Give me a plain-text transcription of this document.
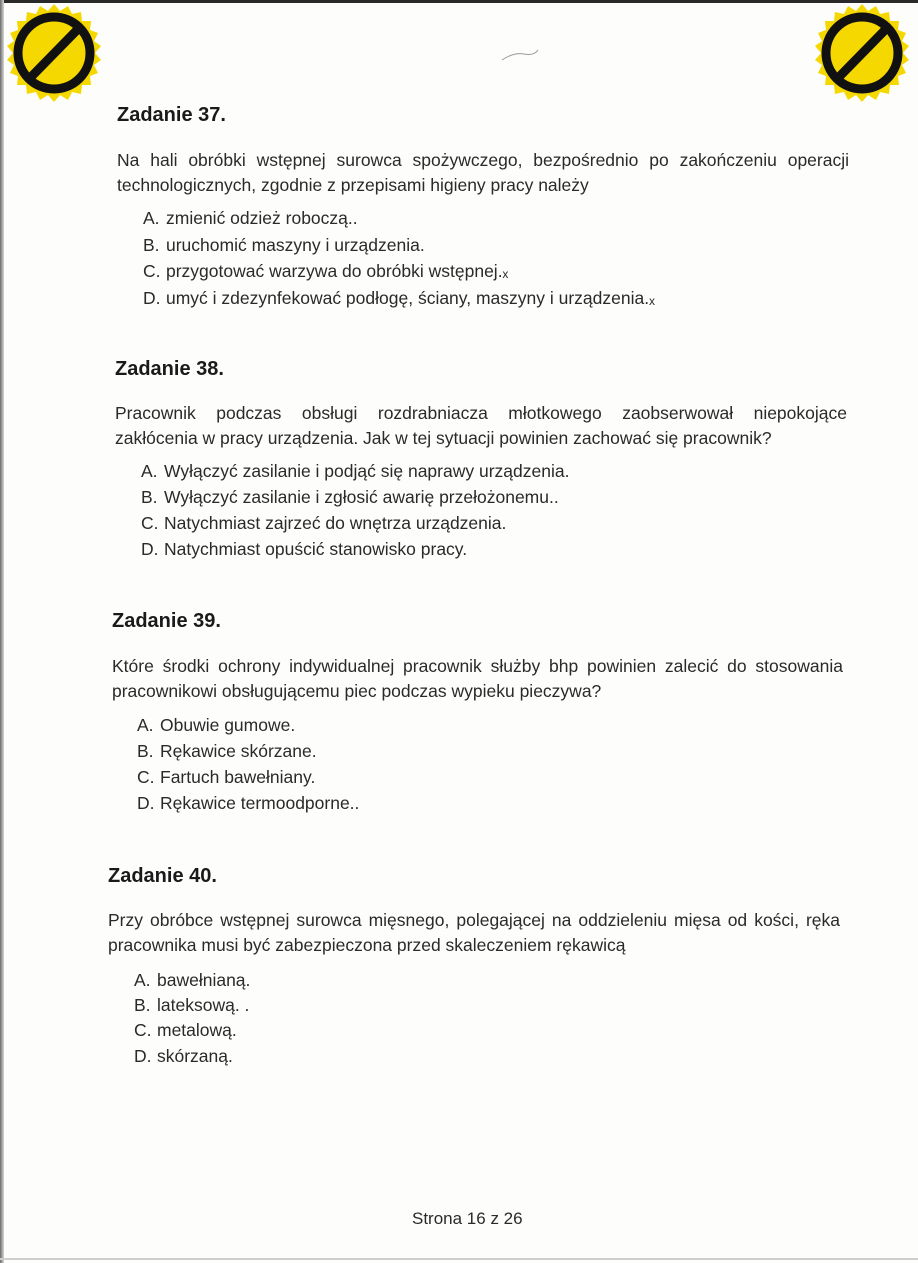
Zadanie 37.
Na hali obróbki wstępnej surowca spożywczego, bezpośrednio po zakończeniu operacji
technologicznych, zgodnie z przepisami higieny pracy należy
A. zmienić odzież roboczą..
B. uruchomić maszyny i urządzenia.
C. przygotować warzywa do obróbki wstępnej.ₓ
D. umyć i zdezynfekować podłogę, ściany, maszyny i urządzenia.ₓ
Zadanie 38.
Pracownik podczas obsługi rozdrabniacza młotkowego zaobserwował niepokojące
zakłócenia w pracy urządzenia. Jak w tej sytuacji powinien zachować się pracownik?
A. Wyłączyć zasilanie i podjąć się naprawy urządzenia.
B. Wyłączyć zasilanie i zgłosić awarię przełożonemu..
C. Natychmiast zajrzeć do wnętrza urządzenia.
D. Natychmiast opuścić stanowisko pracy.
Zadanie 39.
Które środki ochrony indywidualnej pracownik służby bhp powinien zalecić do stosowania
pracownikowi obsługującemu piec podczas wypieku pieczywa?
A. Obuwie gumowe.
B. Rękawice skórzane.
C. Fartuch bawełniany.
D. Rękawice termoodporne..
Zadanie 40.
Przy obróbce wstępnej surowca mięsnego, polegającej na oddzieleniu mięsa od kości, ręka
pracownika musi być zabezpieczona przed skaleczeniem rękawicą
A. bawełnianą.
B. lateksową. .
C. metalową.
D. skórzaną.
Strona 16 z 26
